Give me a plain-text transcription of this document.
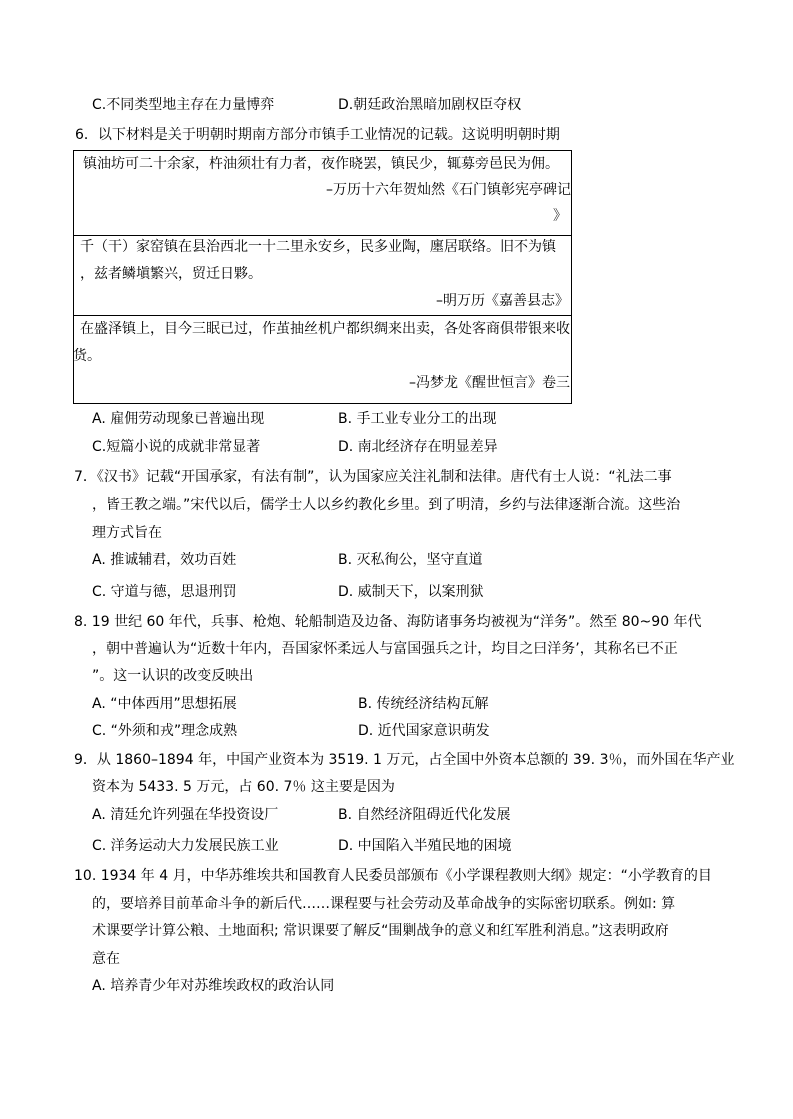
C.不同类型地主存在力量博弈	D.朝廷政治黑暗加剧权臣夺权
6．以下材料是关于明朝时期南方部分市镇手工业情况的记载。这说明明朝时期
镇油坊可二十余家，杵油须壮有力者，夜作晓罢，镇民少，辄募旁邑民为佣。
–万历十六年贺灿然《石门镇彰宪亭碑记
》
千（干）家窑镇在县治西北一十二里永安乡，民多业陶，廛居联络。旧不为镇
，兹者鳞塡繁兴，贸迁日夥。
–明万历《嘉善县志》
在盛泽镇上，目今三眠已过，作茧抽丝机户都织绸来出卖，各处客商俱带银来收
货。
–冯梦龙《醒世恒言》卷三
A. 雇佣劳动现象已普遍出现	B. 手工业专业分工的出现
C.短篇小说的成就非常显著	D. 南北经济存在明显差异
7．《汉书》记载“开国承家，有法有制”，认为国家应关注礼制和法律。唐代有士人说：“礼法二事
，皆王教之端。”宋代以后，儒学士人以乡约教化乡里。到了明清，乡约与法律逐渐合流。这些治
理方式旨在
A. 推诚辅君，效功百姓	B. 灭私徇公，坚守直道
C. 守道与德，思退刑罚	D. 威制天下，以案刑狱
8. 19 世纪 60 年代，兵事、枪炮、轮船制造及边备、海防诸事务均被视为“洋务”。然至 80~90 年代
，朝中普遍认为“近数十年内，吾国家怀柔远人与富国强兵之计，均目之曰洋务’，其称名已不正
”。这一认识的改变反映出
A. “中体西用”思想拓展	B. 传统经济结构瓦解
C. “外须和戎”理念成熟	D. 近代国家意识萌发
9．从 1860–1894 年，中国产业资本为 3519. 1 万元，占全国中外资本总额的 39. 3％，而外国在华产业
资本为 5433. 5 万元，占 60. 7％ 这主要是因为
A. 清廷允许列强在华投资设厂	B. 自然经济阻碍近代化发展
C. 洋务运动大力发展民族工业	D. 中国陷入半殖民地的困境
10. 1934 年 4 月，中华苏维埃共和国教育人民委员部颁布《小学课程教则大纲》规定：“小学教育的目
的，要培养目前革命斗争的新后代……课程要与社会劳动及革命战争的实际密切联系。例如: 算
术课要学计算公粮、土地面积; 常识课要了解反“围剿战争的意义和红军胜利消息。”这表明政府
意在
A. 培养青少年对苏维埃政权的政治认同
